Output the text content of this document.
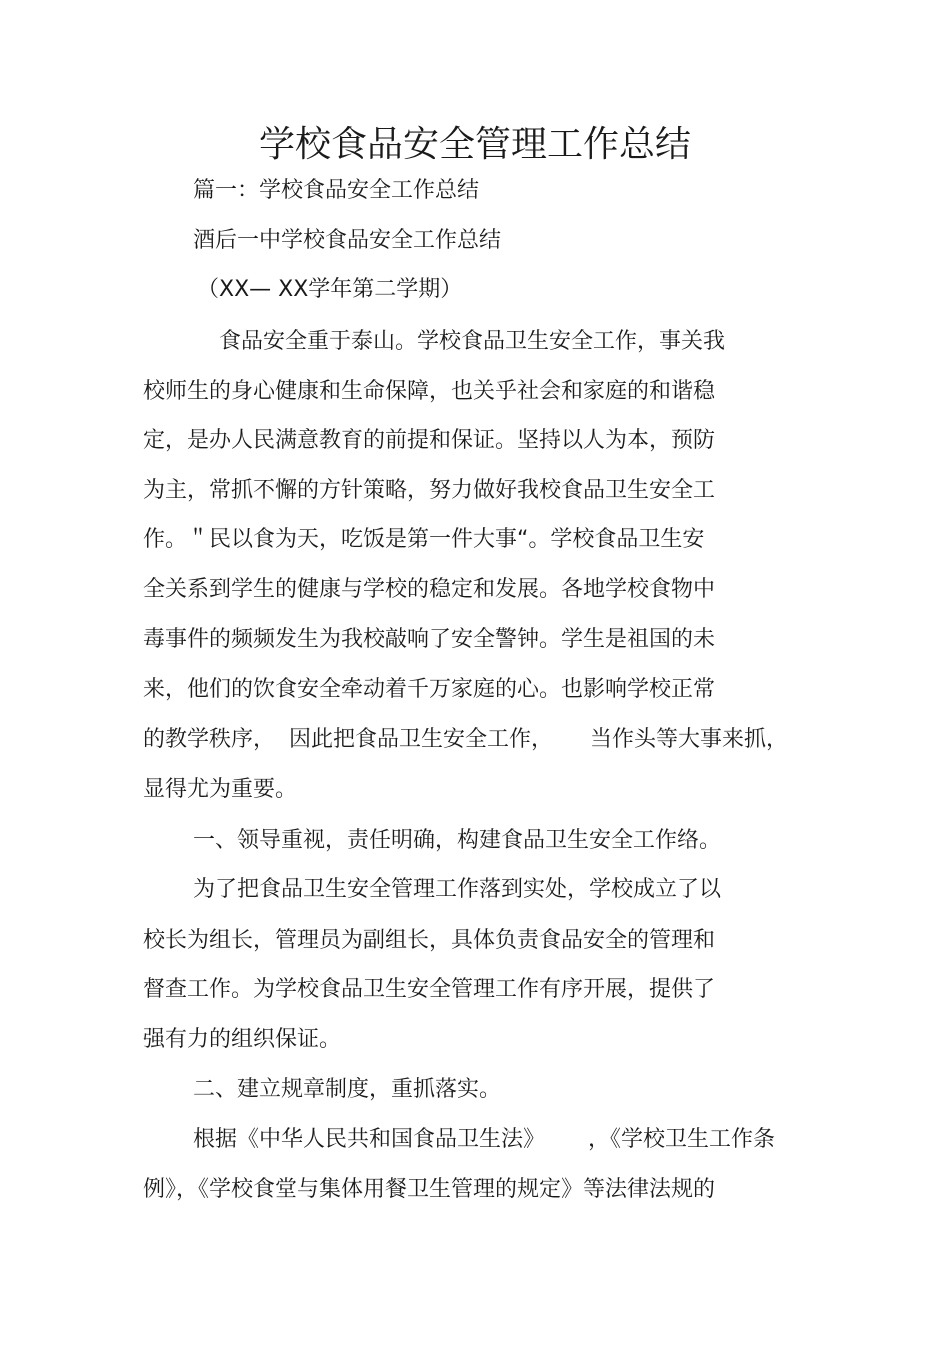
学校食品安全管理工作总结
篇一：学校食品安全工作总结
酒后一中学校食品安全工作总结
（XX— XX学年第二学期）
食品安全重于泰山。学校食品卫生安全工作，事关我
校师生的身心健康和生命保障，也关乎社会和家庭的和谐稳
定，是办人民满意教育的前提和保证。坚持以人为本，预防
为主，常抓不懈的方针策略，努力做好我校食品卫生安全工
作。＂民以食为天，吃饭是第一件大事“。学校食品卫生安
全关系到学生的健康与学校的稳定和发展。各地学校食物中
毒事件的频频发生为我校敲响了安全警钟。学生是祖国的未
来，他们的饮食安全牵动着千万家庭的心。也影响学校正常
的教学秩序， 因此把食品卫生安全工作， 当作头等大事来抓，
显得尤为重要。
一、领导重视，责任明确，构建食品卫生安全工作络。
为了把食品卫生安全管理工作落到实处，学校成立了以
校长为组长，管理员为副组长，具体负责食品安全的管理和
督查工作。为学校食品卫生安全管理工作有序开展，提供了
强有力的组织保证。
二、建立规章制度，重抓落实。
根据《中华人民共和国食品卫生法》 ，《学校卫生工作条
例》，《学校食堂与集体用餐卫生管理的规定》等法律法规的
